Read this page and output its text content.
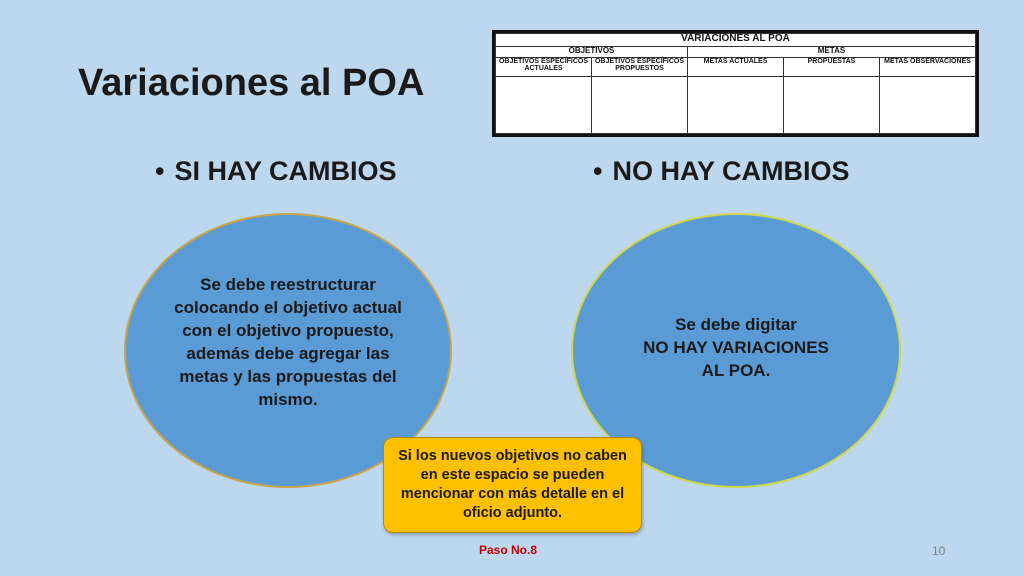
Variaciones al POA
VARIACIONES AL POA				
OBJETIVOS		METAS		
OBJETIVOS ESPECÍFICOS ACTUALES	OBJETIVOS ESPECÍFICOS PROPUESTOS	METAS ACTUALES	PROPUESTAS	METAS OBSERVACIONES

• SI HAY CAMBIOS	• NO HAY CAMBIOS
Se debe reestructurar colocando el objetivo actual con el objetivo propuesto, además debe agregar las metas y las propuestas del mismo.
Se debe digitar
NO HAY VARIACIONES
AL POA.
Si los nuevos objetivos no caben en este espacio se pueden mencionar con más detalle en el oficio adjunto.
Paso No.8	10
